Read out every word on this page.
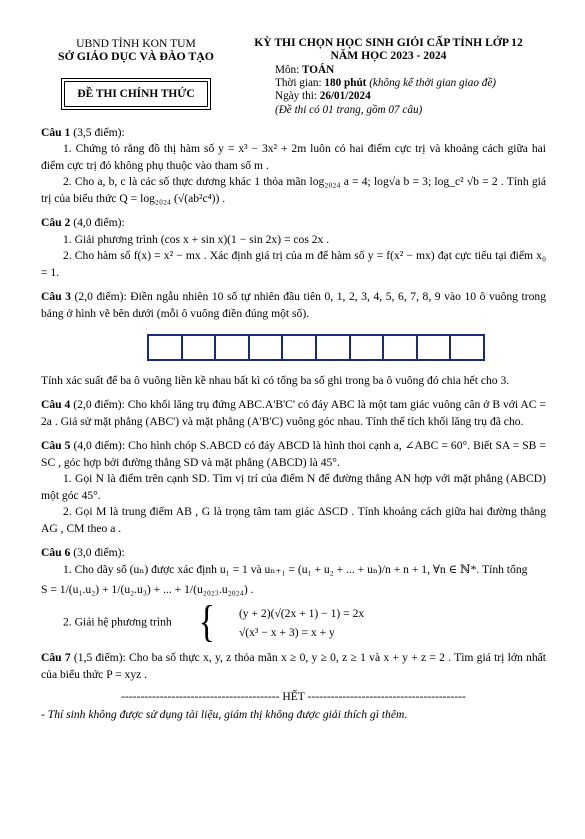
UBND TỈNH KON TUM
SỞ GIÁO DỤC VÀ ĐÀO TẠO
ĐỀ THI CHÍNH THỨC
KỲ THI CHỌN HỌC SINH GIỎI CẤP TỈNH LỚP 12
NĂM HỌC 2023 - 2024
Môn: TOÁN
Thời gian: 180 phút (không kể thời gian giao đề)
Ngày thi: 26/01/2024
(Đề thi có 01 trang, gồm 07 câu)

Câu 1 (3,5 điểm):

1. Chứng tỏ rằng đồ thị hàm số y = x³ − 3x² + 2m luôn có hai điểm cực trị và khoảng cách giữa hai điểm cực trị đó không phụ thuộc vào tham số m .

2. Cho a, b, c là các số thực dương khác 1 thỏa mãn log₂₀₂₄ a = 4; log√a b = 3; log_c² √b = 2 . Tính giá trị của biểu thức Q = log₂₀₂₄ (√(ab²c⁴)) .

Câu 2 (4,0 điểm):

1. Giải phương trình (cos x + sin x)(1 − sin 2x) = cos 2x .

2. Cho hàm số f(x) = x² − mx . Xác định giá trị của m để hàm số y = f(x² − mx) đạt cực tiểu tại điểm x₀ = 1.

Câu 3 (2,0 điểm): Điền ngẫu nhiên 10 số tự nhiên đầu tiên 0, 1, 2, 3, 4, 5, 6, 7, 8, 9 vào 10 ô vuông trong bảng ở hình vẽ bên dưới (mỗi ô vuông điền đúng một số).

Tính xác suất để ba ô vuông liền kề nhau bất kì có tổng ba số ghi trong ba ô vuông đó chia hết cho 3.

Câu 4 (2,0 điểm): Cho khối lăng trụ đứng ABC.A'B'C' có đáy ABC là một tam giác vuông cân ở B với AC = 2a . Giả sử mặt phẳng (ABC') và mặt phẳng (A'B'C) vuông góc nhau. Tính thể tích khối lăng trụ đã cho.

Câu 5 (4,0 điểm): Cho hình chóp S.ABCD có đáy ABCD là hình thoi cạnh a, ∠ABC = 60°. Biết SA = SB = SC , góc hợp bởi đường thẳng SD và mặt phẳng (ABCD) là 45°.

1. Gọi N là điểm trên cạnh SD. Tìm vị trí của điểm N để đường thẳng AN hợp với mặt phẳng (ABCD) một góc 45°.

2. Gọi M là trung điểm AB , G là trọng tâm tam giác ΔSCD . Tính khoảng cách giữa hai đường thẳng AG , CM theo a .

Câu 6 (3,0 điểm):

1. Cho dãy số (uₙ) được xác định u₁ = 1 và uₙ₊₁ = (u₁ + u₂ + ... + uₙ)/n + n + 1, ∀n ∈ ℕ*. Tính tổng

S = 1/(u₁.u₂) + 1/(u₂.u₃) + ... + 1/(u₂₀₂₃.u₂₀₂₄) .

2. Giải hệ phương trình {	(y + 2)(√(2x + 1) − 1) = 2x
√(x³ − x + 3) = x + y

Câu 7 (1,5 điểm): Cho ba số thực x, y, z thỏa mãn x ≥ 0, y ≥ 0, z ≥ 1 và x + y + z = 2 . Tìm giá trị lớn nhất của biểu thức P = xyz .

----------------------------------------- HẾT -----------------------------------------

- Thí sinh không được sử dụng tài liệu, giám thị không được giải thích gì thêm.
